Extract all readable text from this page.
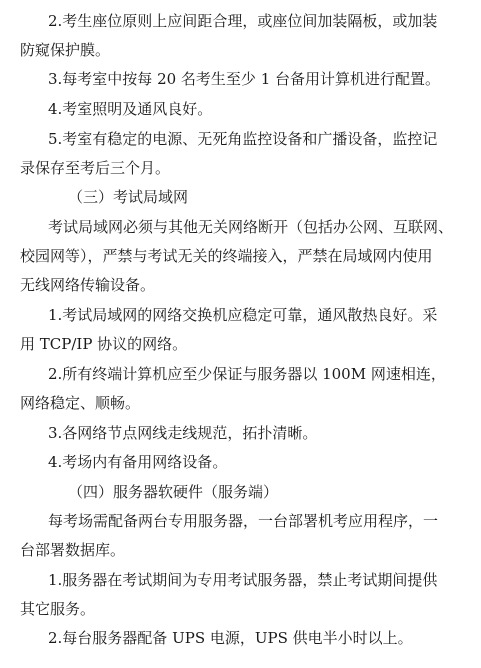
2.考生座位原则上应间距合理，或座位间加装隔板，或加装
防窥保护膜。
3.每考室中按每 20 名考生至少 1 台备用计算机进行配置。
4.考室照明及通风良好。
5.考室有稳定的电源、无死角监控设备和广播设备，监控记
录保存至考后三个月。
（三）考试局域网
考试局域网必须与其他无关网络断开（包括办公网、互联网、
校园网等），严禁与考试无关的终端接入，严禁在局域网内使用
无线网络传输设备。
1.考试局域网的网络交换机应稳定可靠，通风散热良好。采
用 TCP/IP 协议的网络。
2.所有终端计算机应至少保证与服务器以 100M 网速相连，
网络稳定、顺畅。
3.各网络节点网线走线规范，拓扑清晰。
4.考场内有备用网络设备。
（四）服务器软硬件（服务端）
每考场需配备两台专用服务器，一台部署机考应用程序，一
台部署数据库。
1.服务器在考试期间为专用考试服务器，禁止考试期间提供
其它服务。
2.每台服务器配备 UPS 电源，UPS 供电半小时以上。
